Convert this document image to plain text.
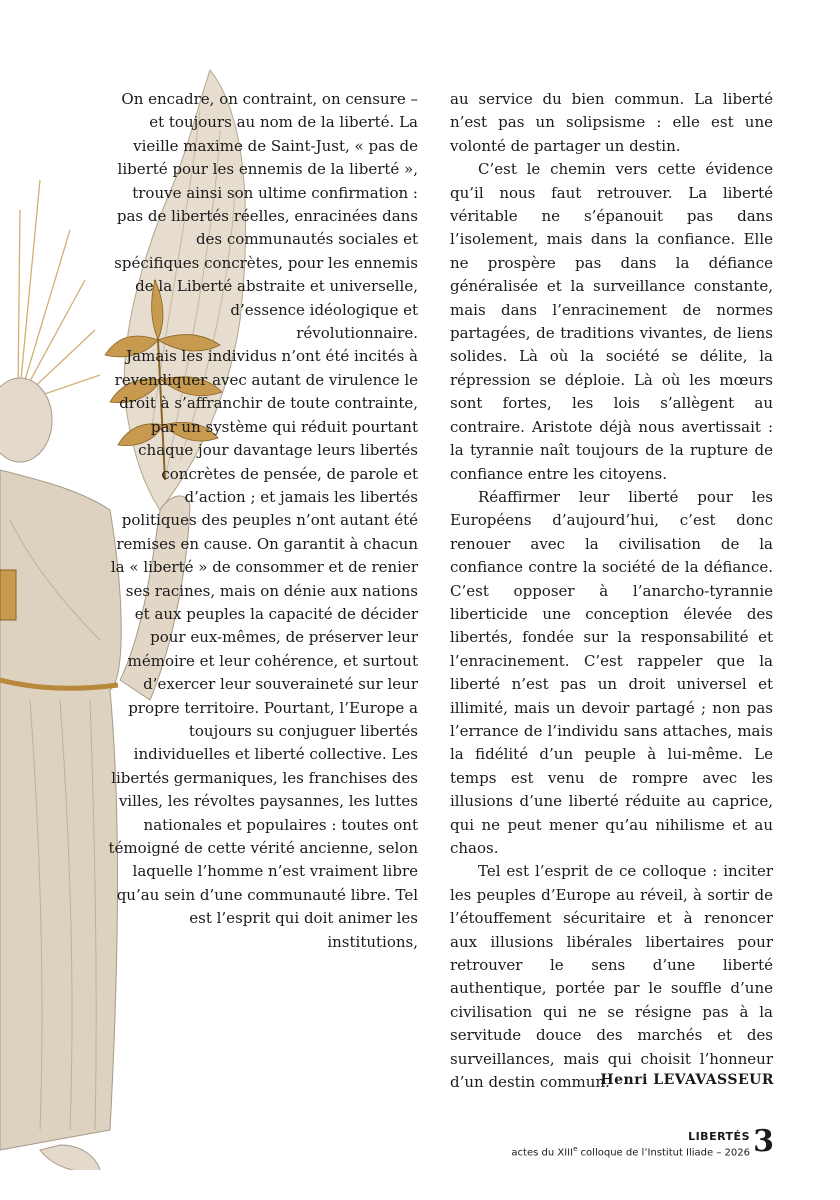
On encadre, on contraint, on censure – et toujours au nom de la liberté. La vieille maxime de Saint-Just, « pas de liberté pour les ennemis de la liberté », trouve ainsi son ultime confirmation : pas de libertés réelles, enracinées dans des communautés sociales et spécifiques concrètes, pour les ennemis de la Liberté abstraite et universelle, d’essence idéologique et révolutionnaire.

Jamais les individus n’ont été incités à revendiquer avec autant de virulence le droit à s’affranchir de toute contrainte, par un système qui réduit pourtant chaque jour davantage leurs libertés concrètes de pensée, de parole et d’action ; et jamais les libertés politiques des peuples n’ont autant été remises en cause. On garantit à chacun la « liberté » de consommer et de renier ses racines, mais on dénie aux nations et aux peuples la capacité de décider pour eux-mêmes, de préserver leur mémoire et leur cohérence, et surtout d’exercer leur souveraineté sur leur propre territoire. Pourtant, l’Europe a toujours su conjuguer libertés individuelles et liberté collective. Les libertés germaniques, les franchises des villes, les révoltes paysannes, les luttes nationales et populaires : toutes ont témoigné de cette vérité ancienne, selon laquelle l’homme n’est vraiment libre qu’au sein d’une communauté libre. Tel est l’esprit qui doit animer les institutions,

au service du bien commun. La liberté n’est pas un solipsisme : elle est une volonté de partager un destin.

C’est le chemin vers cette évidence qu’il nous faut retrouver. La liberté véritable ne s’épanouit pas dans l’isolement, mais dans la confiance. Elle ne prospère pas dans la défiance généralisée et la surveillance constante, mais dans l’enracinement de normes partagées, de traditions vivantes, de liens solides. Là où la société se délite, la répression se déploie. Là où les mœurs sont fortes, les lois s’allègent au contraire. Aristote déjà nous avertissait : la tyrannie naît toujours de la rupture de confiance entre les citoyens.

Réaffirmer leur liberté pour les Européens d’aujourd’hui, c’est donc renouer avec la civilisation de la confiance contre la société de la défiance. C’est opposer à l’anarcho-tyrannie liberticide une conception élevée des libertés, fondée sur la responsabilité et l’enracinement. C’est rappeler que la liberté n’est pas un droit universel et illimité, mais un devoir partagé ; non pas l’errance de l’individu sans attaches, mais la fidélité d’un peuple à lui-même. Le temps est venu de rompre avec les illusions d’une liberté réduite au caprice, qui ne peut mener qu’au nihilisme et au chaos.

Tel est l’esprit de ce colloque : inciter les peuples d’Europe au réveil, à sortir de l’étouffement sécuritaire et à renoncer aux illusions libérales libertaires pour retrouver le sens d’une liberté authentique, portée par le souffle d’une civilisation qui ne se résigne pas à la servitude douce des marchés et des surveillances, mais qui choisit l’honneur d’un destin commun.

Henri LEVAVASSEUR
LIBERTÉS
actes du XIIIe colloque de l’Institut Iliade – 2026 3
